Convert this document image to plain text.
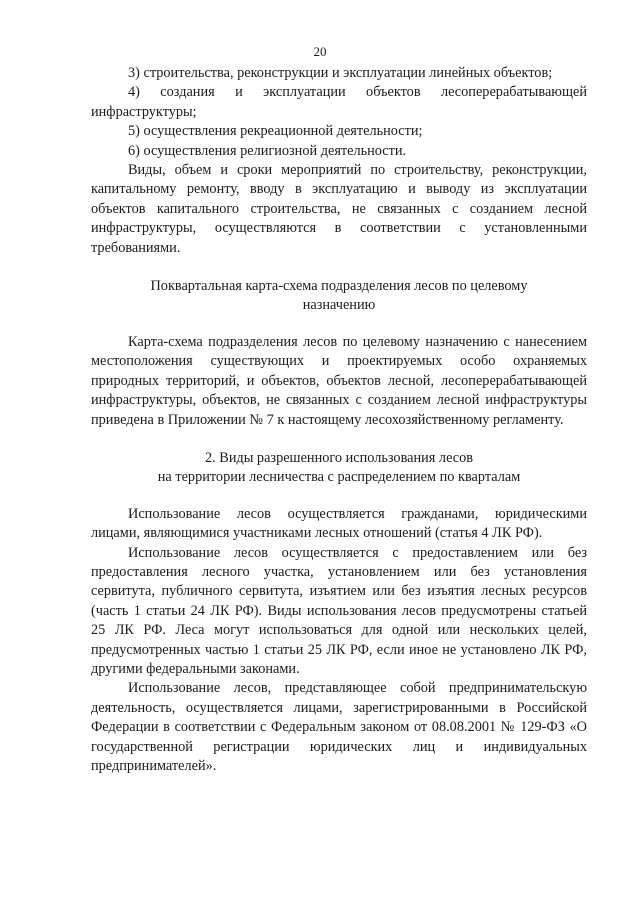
20

3) строительства, реконструкции и эксплуатации линейных объектов;

4) создания и эксплуатации объектов лесоперерабатывающей инфраструктуры;

5) осуществления рекреационной деятельности;

6) осуществления религиозной деятельности.

Виды, объем и сроки мероприятий по строительству, реконструкции, капитальному ремонту, вводу в эксплуатацию и выводу из эксплуатации объектов капитального строительства, не связанных с созданием лесной инфраструктуры, осуществляются в соответствии с установленными требованиями.

Поквартальная карта-схема подразделения лесов по целевому
назначению

Карта-схема подразделения лесов по целевому назначению с нанесением местоположения существующих и проектируемых особо охраняемых природных территорий, и объектов, объектов лесной, лесоперерабатывающей инфраструктуры, объектов, не связанных с созданием лесной инфраструктуры приведена в Приложении № 7 к настоящему лесохозяйственному регламенту.

2. Виды разрешенного использования лесов
на территории лесничества с распределением по кварталам

Использование лесов осуществляется гражданами, юридическими лицами, являющимися участниками лесных отношений (статья 4 ЛК РФ).

Использование лесов осуществляется с предоставлением или без предоставления лесного участка, установлением или без установления сервитута, публичного сервитута, изъятием или без изъятия лесных ресурсов (часть 1 статьи 24 ЛК РФ). Виды использования лесов предусмотрены статьей 25 ЛК РФ. Леса могут использоваться для одной или нескольких целей, предусмотренных частью 1 статьи 25 ЛК РФ, если иное не установлено ЛК РФ, другими федеральными законами.

Использование лесов, представляющее собой предпринимательскую деятельность, осуществляется лицами, зарегистрированными в Российской Федерации в соответствии с Федеральным законом от 08.08.2001 № 129-ФЗ «О государственной регистрации юридических лиц и индивидуальных предпринимателей».
